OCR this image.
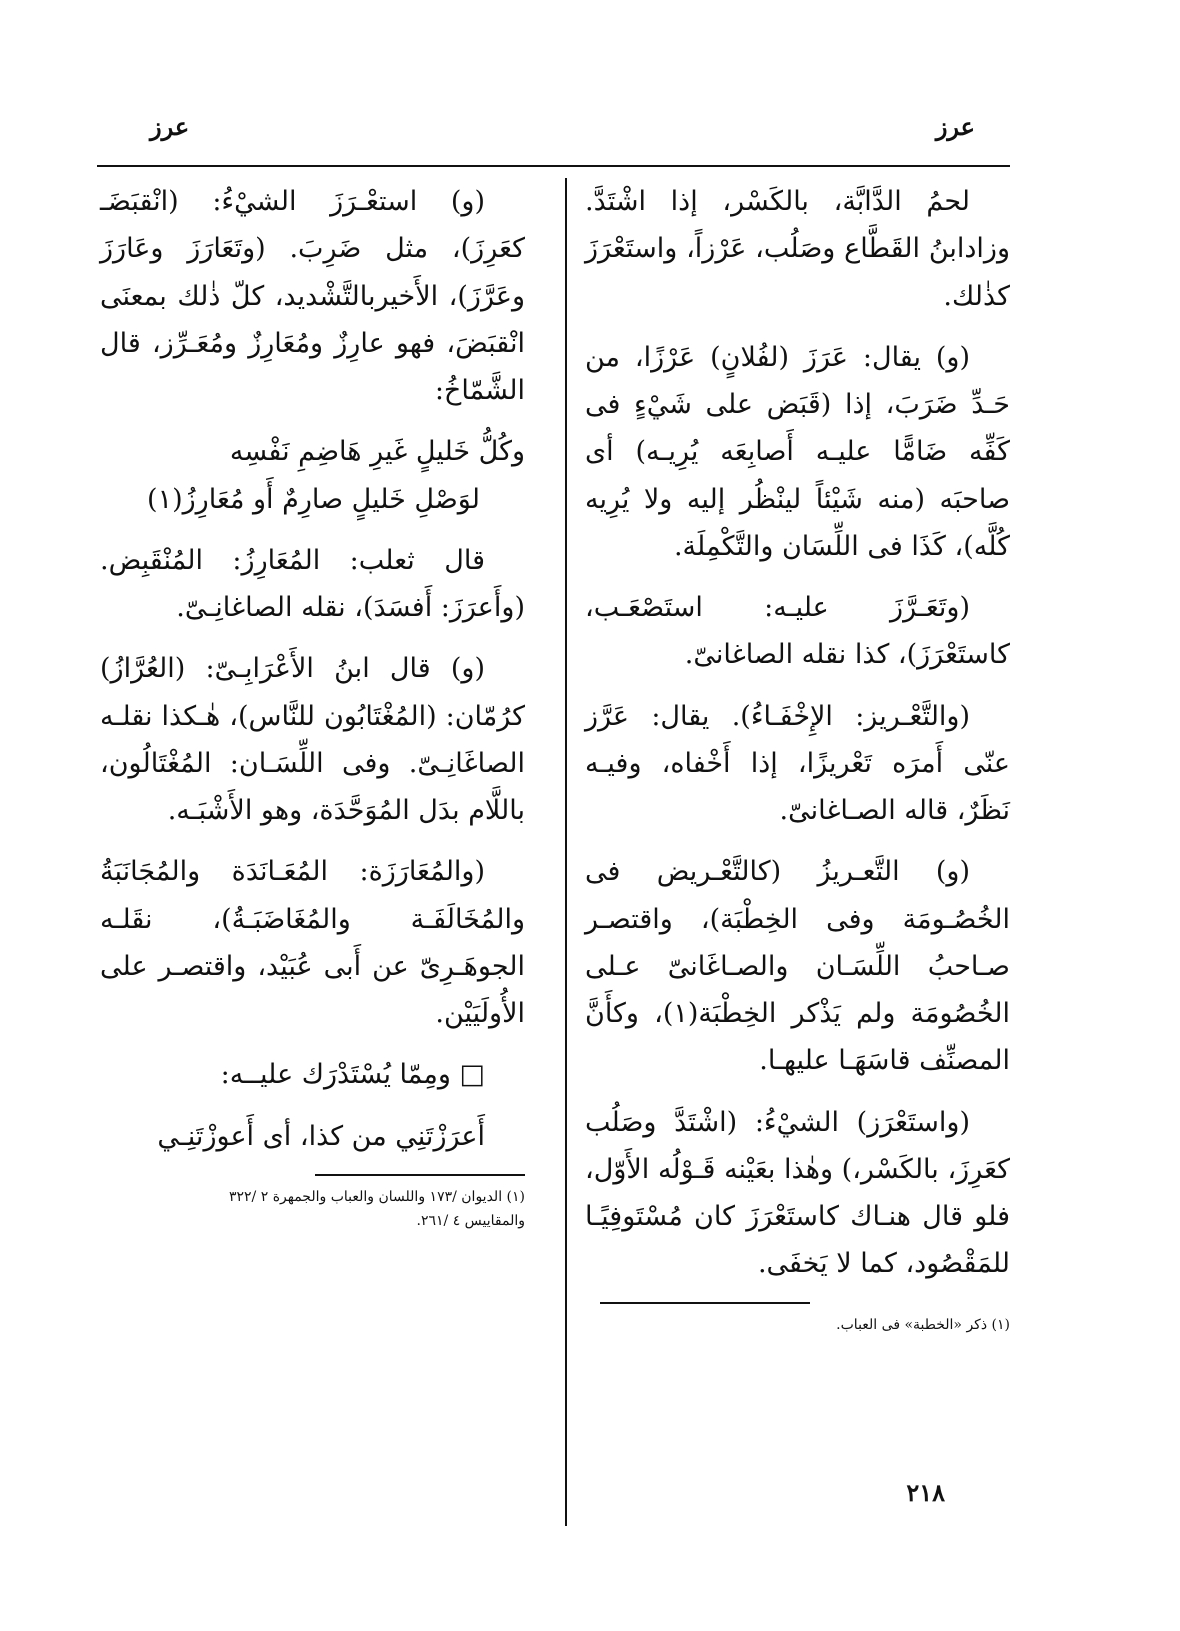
عرز
عرز

لحمُ الدَّابَّة، بالكَسْر، إذا اشْتَدَّ. وزادابنُ القَطَّاع وصَلُب، عَرْزاً، واستَعْرَزَ كذٰلك.

(و) يقال: عَرَزَ (لفُلانٍ) عَرْزًا، من حَـدِّ ضَرَبَ، إذا (قَبَض على شَيْءٍ فى كَفِّه ضَامًّا عليـه أَصابِعَه يُرِيـه) أى صاحبَه (منه شَيْئاً لينْظُر إليه ولا يُرِيه كُلَّه)، كَذَا فى اللِّسَان والتَّكْمِلَة.

(وتَعَـرَّزَ عليـه: استَصْعَـب، كاستَعْرَزَ)، كذا نقله الصاغانىّ.

(والتَّعْـريز: الإِخْفَـاءُ). يقال: عَرَّز عنّى أَمرَه تَعْريزًا، إذا أَخْفاه، وفيـه نَظَرٌ، قاله الصـاغانىّ.

(و) التَّعـريزُ (كالتَّعْـريض فى الخُصُـومَة وفى الخِطْبَة)، واقتصـر صـاحبُ اللِّسَـان والصـاغَانىّ عـلى الخُصُومَة ولم يَذْكر الخِطْبَة(١)، وكأَنَّ المصنِّف قاسَهَـا عليهـا.

(واستَعْرَز) الشيْءُ: (اشْتَدَّ وصَلُب كعَرِزَ، بالكَسْر،) وهٰذا بعَيْنه قَـوْلُه الأَوّل، فلو قال هنـاك كاستَعْرَزَ كان مُسْتَوفِيًـا للمَقْصُود، كما لا يَخفَى.

(١) ذكر «الخطبة» فى العباب.

(و) استعْـرَزَ الشيْءُ: (انْقبَضَـ كعَرِزَ)، مثل ضَرِبَ. (وتَعَارَزَ وعَارَزَ وعَرَّزَ)، الأَخيربالتَّشْديد، كلّ ذٰلك بمعنَى انْقبَضَ، فهو عارِزٌ ومُعَارِزٌ ومُعَـرِّز، قال الشَّمّاخُ:

وكُلُّ خَليلٍ غَيرِ هَاضِمِ نَفْسِه
لوَصْلِ خَليلٍ صارِمٌ أَو مُعَارِزُ(١)

قال ثعلب: المُعَارِزُ: المُنْقَبِض. (وأَعرَزَ: أَفسَدَ)، نقله الصاغانِـىّ.

(و) قال ابنُ الأَعْرَابِـىّ: (العُرَّازُ) كرُمّان: (المُغْتَابُون للنَّاس)، هٰـكذا نقلـه الصاغَانِـىّ. وفى اللِّسَـان: المُغْتَالُون، باللَّام بدَل المُوَحَّدَة، وهو الأَشْبَـه.

(والمُعَارَزَة: المُعَـانَدَة والمُجَانَبَةُ والمُخَالَفَـة والمُغَاضَبَـةُ)، نقَلـه الجوهَـرِىّ عن أَبى عُبَيْد، واقتصـر على الأُولَيَيْن.

□ ومِمّا يُسْتَدْرَك عليــه:

أَعرَزْتَنِي من كذا، أى أَعوزْتَنِـي

(١) الديوان /١٧٣ واللسان والعباب والجمهرة ٢ /٣٢٢
والمقاييس ٤ /٢٦١.
٢١٨
